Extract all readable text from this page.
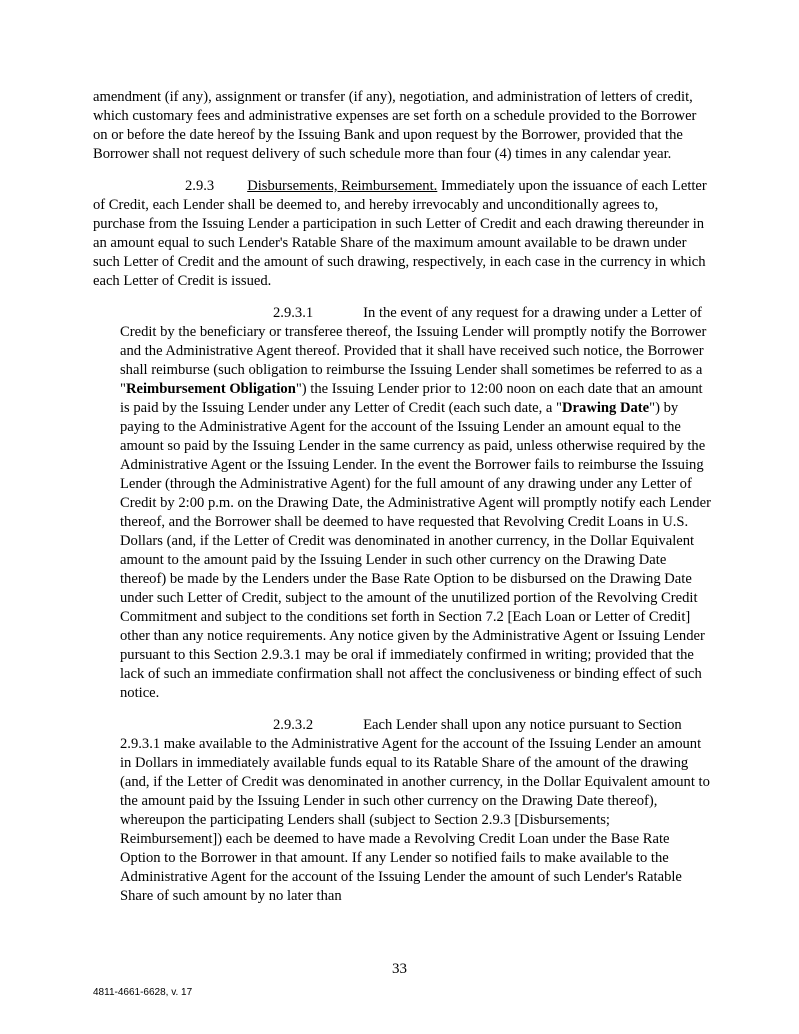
amendment (if any), assignment or transfer (if any), negotiation, and administration of letters of credit, which customary fees and administrative expenses are set forth on a schedule provided to the Borrower on or before the date hereof by the Issuing Bank and upon request by the Borrower, provided that the Borrower shall not request delivery of such schedule more than four (4) times in any calendar year.

2.9.3 Disbursements, Reimbursement. Immediately upon the issuance of each Letter of Credit, each Lender shall be deemed to, and hereby irrevocably and unconditionally agrees to, purchase from the Issuing Lender a participation in such Letter of Credit and each drawing thereunder in an amount equal to such Lender's Ratable Share of the maximum amount available to be drawn under such Letter of Credit and the amount of such drawing, respectively, in each case in the currency in which each Letter of Credit is issued.

2.9.3.1	In the event of any request for a drawing under a Letter of Credit by the beneficiary or transferee thereof, the Issuing Lender will promptly notify the Borrower and the Administrative Agent thereof. Provided that it shall have received such notice, the Borrower shall reimburse (such obligation to reimburse the Issuing Lender shall sometimes be referred to as a "Reimbursement Obligation") the Issuing Lender prior to 12:00 noon on each date that an amount is paid by the Issuing Lender under any Letter of Credit (each such date, a "Drawing Date") by paying to the Administrative Agent for the account of the Issuing Lender an amount equal to the amount so paid by the Issuing Lender in the same currency as paid, unless otherwise required by the Administrative Agent or the Issuing Lender. In the event the Borrower fails to reimburse the Issuing Lender (through the Administrative Agent) for the full amount of any drawing under any Letter of Credit by 2:00 p.m. on the Drawing Date, the Administrative Agent will promptly notify each Lender thereof, and the Borrower shall be deemed to have requested that Revolving Credit Loans in U.S. Dollars (and, if the Letter of Credit was denominated in another currency, in the Dollar Equivalent amount to the amount paid by the Issuing Lender in such other currency on the Drawing Date thereof) be made by the Lenders under the Base Rate Option to be disbursed on the Drawing Date under such Letter of Credit, subject to the amount of the unutilized portion of the Revolving Credit Commitment and subject to the conditions set forth in Section 7.2 [Each Loan or Letter of Credit] other than any notice requirements. Any notice given by the Administrative Agent or Issuing Lender pursuant to this Section 2.9.3.1 may be oral if immediately confirmed in writing; provided that the lack of such an immediate confirmation shall not affect the conclusiveness or binding effect of such notice.

2.9.3.2	Each Lender shall upon any notice pursuant to Section 2.9.3.1 make available to the Administrative Agent for the account of the Issuing Lender an amount in Dollars in immediately available funds equal to its Ratable Share of the amount of the drawing (and, if the Letter of Credit was denominated in another currency, in the Dollar Equivalent amount to the amount paid by the Issuing Lender in such other currency on the Drawing Date thereof), whereupon the participating Lenders shall (subject to Section 2.9.3 [Disbursements; Reimbursement]) each be deemed to have made a Revolving Credit Loan under the Base Rate Option to the Borrower in that amount. If any Lender so notified fails to make available to the Administrative Agent for the account of the Issuing Lender the amount of such Lender's Ratable Share of such amount by no later than

33
4811-4661-6628, v. 17
